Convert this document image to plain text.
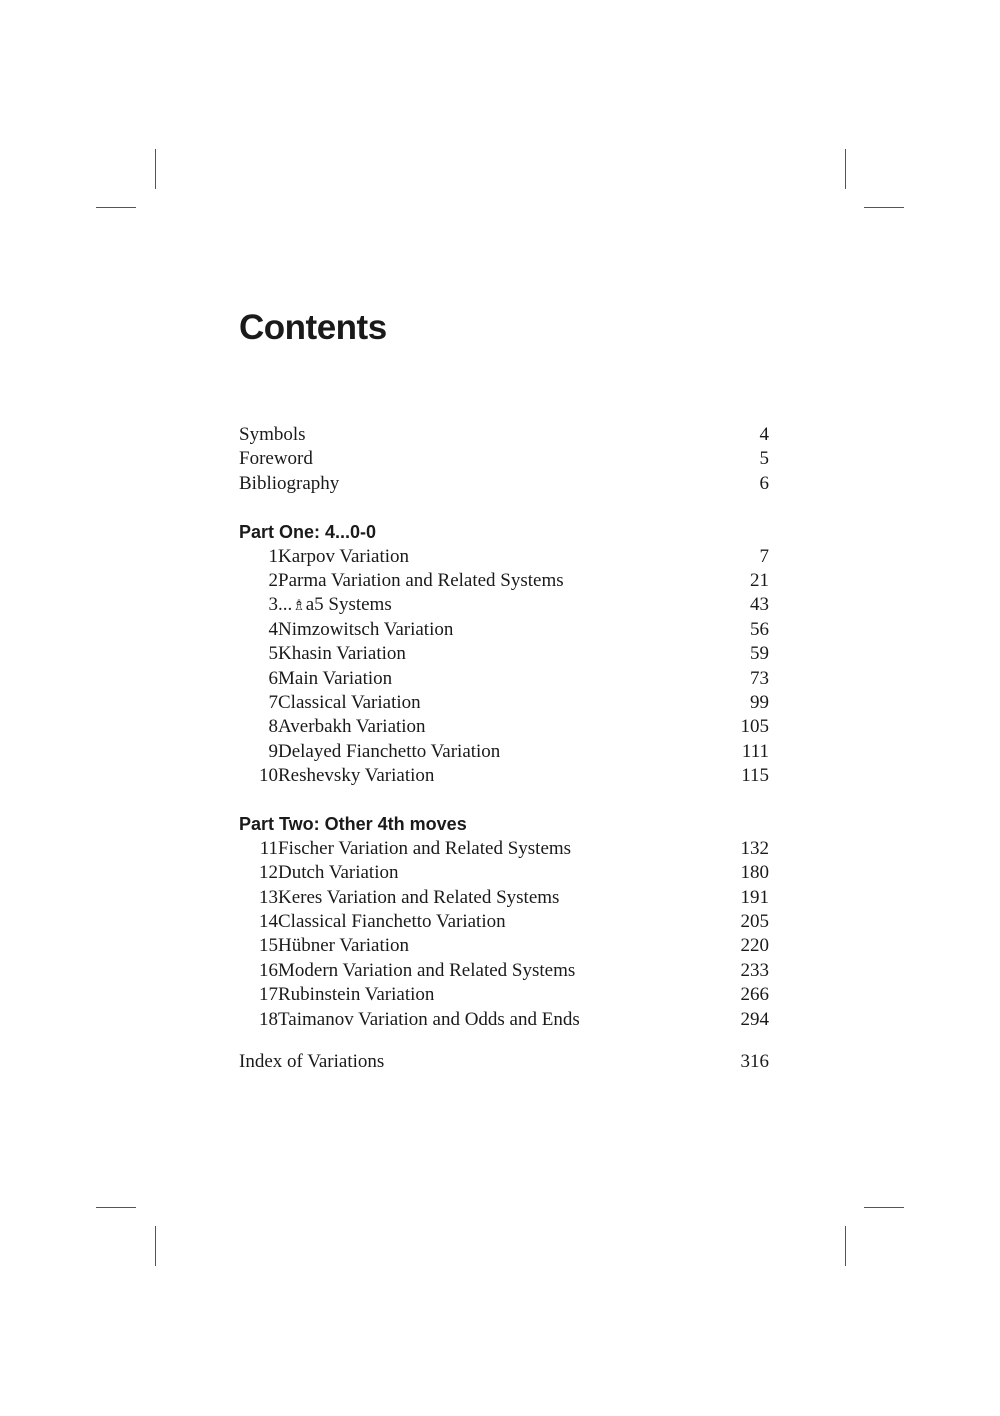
Contents
Symbols	4
Foreword	5
Bibliography	6
Part One: 4...0-0
1 Karpov Variation	7
2 Parma Variation and Related Systems	21
3 ...♗a5 Systems	43
4 Nimzowitsch Variation	56
5 Khasin Variation	59
6 Main Variation	73
7 Classical Variation	99
8 Averbakh Variation	105
9 Delayed Fianchetto Variation	111
10 Reshevsky Variation	115
Part Two: Other 4th moves
11 Fischer Variation and Related Systems	132
12 Dutch Variation	180
13 Keres Variation and Related Systems	191
14 Classical Fianchetto Variation	205
15 Hübner Variation	220
16 Modern Variation and Related Systems	233
17 Rubinstein Variation	266
18 Taimanov Variation and Odds and Ends	294
Index of Variations	316
